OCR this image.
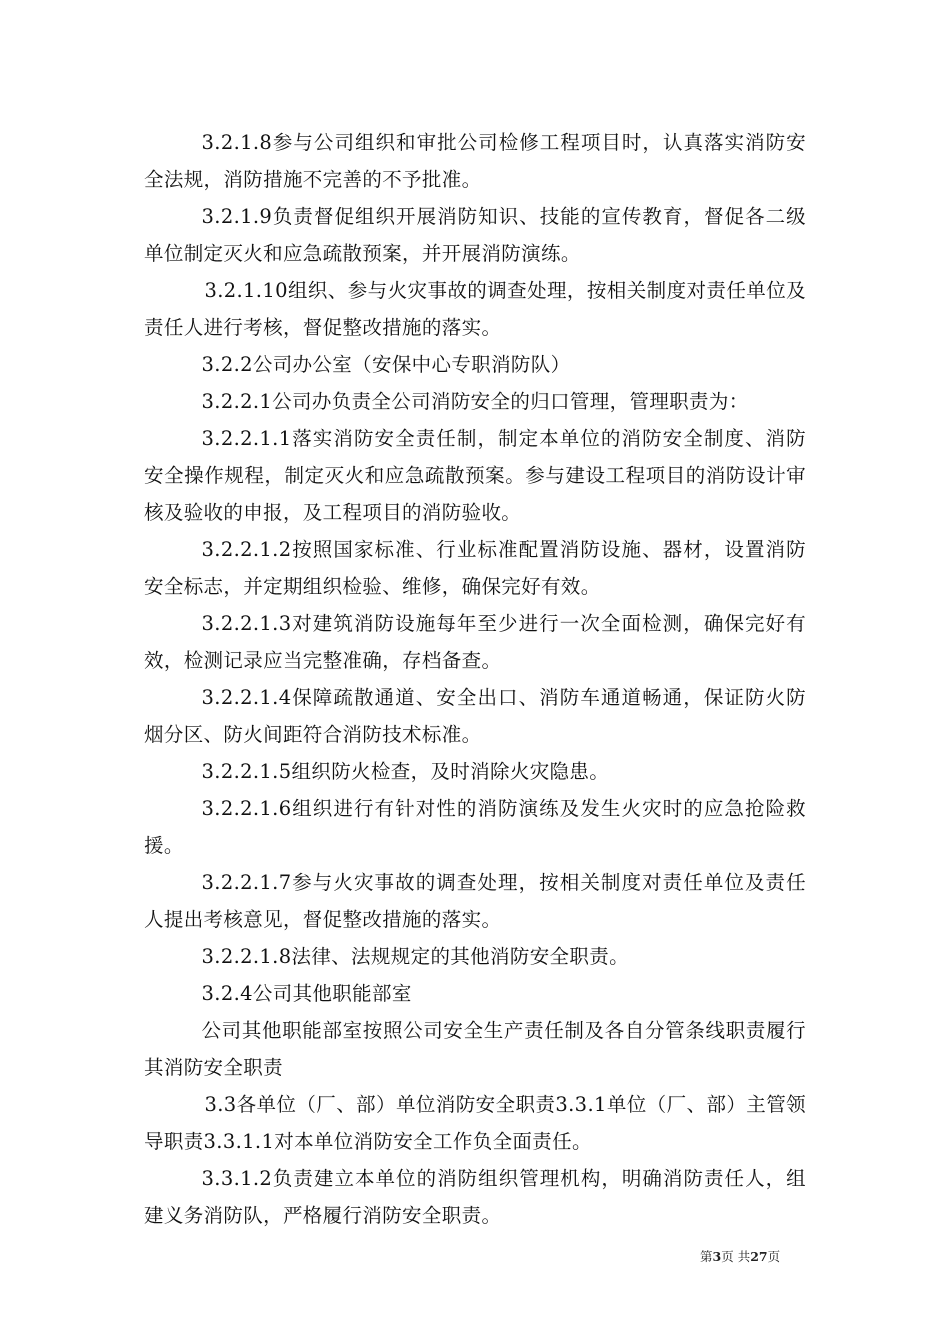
3.2.1.8参与公司组织和审批公司检修工程项目时，认真落实消防安全法规，消防措施不完善的不予批准。

3.2.1.9负责督促组织开展消防知识、技能的宣传教育，督促各二级单位制定灭火和应急疏散预案，并开展消防演练。

3.2.1.10组织、参与火灾事故的调查处理，按相关制度对责任单位及责任人进行考核，督促整改措施的落实。

3.2.2公司办公室（安保中心专职消防队）

3.2.2.1公司办负责全公司消防安全的归口管理，管理职责为：

3.2.2.1.1落实消防安全责任制，制定本单位的消防安全制度、消防安全操作规程，制定灭火和应急疏散预案。参与建设工程项目的消防设计审核及验收的申报，及工程项目的消防验收。

3.2.2.1.2按照国家标准、行业标准配置消防设施、器材，设置消防安全标志，并定期组织检验、维修，确保完好有效。

3.2.2.1.3对建筑消防设施每年至少进行一次全面检测，确保完好有效，检测记录应当完整准确，存档备查。

3.2.2.1.4保障疏散通道、安全出口、消防车通道畅通，保证防火防烟分区、防火间距符合消防技术标准。

3.2.2.1.5组织防火检查，及时消除火灾隐患。

3.2.2.1.6组织进行有针对性的消防演练及发生火灾时的应急抢险救援。

3.2.2.1.7参与火灾事故的调查处理，按相关制度对责任单位及责任人提出考核意见，督促整改措施的落实。

3.2.2.1.8法律、法规规定的其他消防安全职责。

3.2.4公司其他职能部室

公司其他职能部室按照公司安全生产责任制及各自分管条线职责履行其消防安全职责

3.3各单位（厂、部）单位消防安全职责3.3.1单位（厂、部）主管领导职责3.3.1.1对本单位消防安全工作负全面责任。

3.3.1.2负责建立本单位的消防组织管理机构，明确消防责任人，组建义务消防队，严格履行消防安全职责。

第3页 共27页
